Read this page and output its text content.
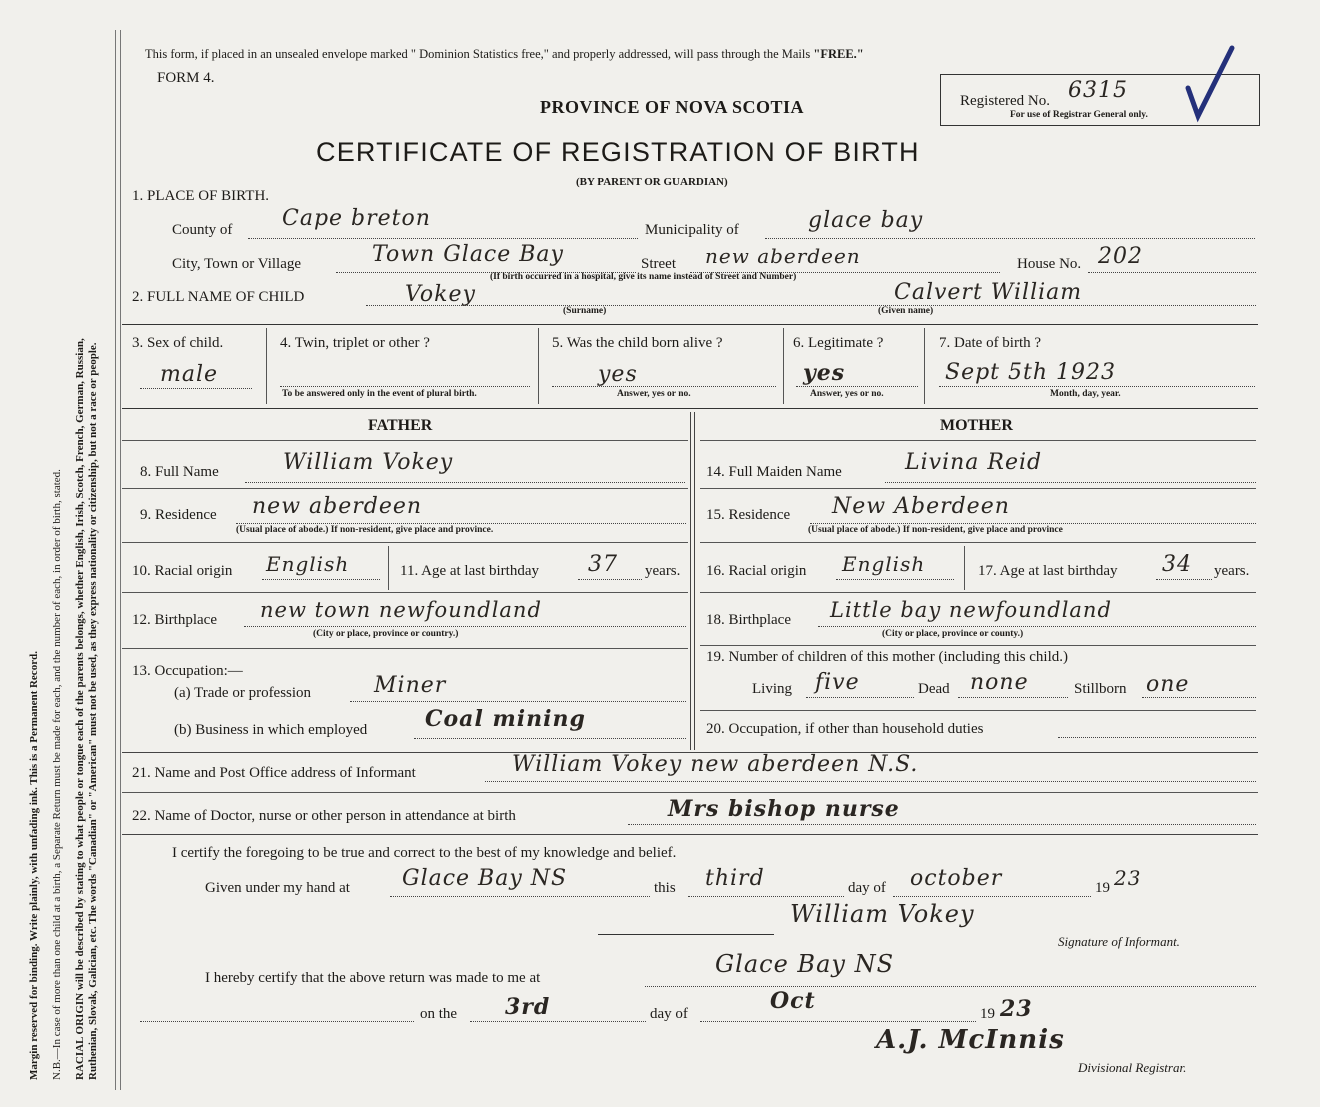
Margin reserved for binding. Write plainly, with unfading ink. This is a Permanent Record. N.B.—In case of more than one child at a birth, a Separate Return must be made for each, and the number of each, in order of birth, stated. RACIAL ORIGIN will be described by stating to what people or tongue each of the parents belongs, whether English, Irish, Scotch, French, German, Russian, Ruthenian, Slovak, Galician, etc. The words "Canadian" or "American" must not be used, as they express nationality or citizenship, but not a race or people.
This form, if placed in an unsealed envelope marked " Dominion Statistics free," and properly addressed, will pass through the Mails "FREE."
FORM 4.
PROVINCE OF NOVA SCOTIA
CERTIFICATE OF REGISTRATION OF BIRTH
(BY PARENT OR GUARDIAN)
Registered No. 6315
For use of Registrar General only.
1. PLACE OF BIRTH.
County of Cape breton	Municipality of	glace bay
City, Town or Village	Town Glace Bay	Street new aberdeen	House No. 202
(If birth occurred in a hospital, give its name instead of Street and Number)
2. FULL NAME OF CHILD	Vokey
(Surname)
Calvert William
(Given name)
3. Sex of child.
male
4. Twin, triplet or other ?
To be answered only in the event of plural birth.
5. Was the child born alive ?
yes
Answer, yes or no.
6. Legitimate ?
yes
Answer, yes or no.
7. Date of birth ?
Sept 5th 1923
Month, day, year.
FATHER	MOTHER
8. Full Name	William Vokey
9. Residence new aberdeen
(Usual place of abode.) If non-resident, give place and province.
10. Racial origin English	11. Age at last birthday 37 years.
12. Birthplace new town newfoundland
(City or place, province or country.)
13. Occupation:—
(a) Trade or profession	Miner
(b) Business in which employed	Coal mining
14. Full Maiden Name	Livina Reid
15. Residence New Aberdeen
(Usual place of abode.) If non-resident, give place and province
16. Racial origin English	17. Age at last birthday 34 years.
18. Birthplace Little bay newfoundland
(City or place, province or county.)
19. Number of children of this mother (including this child.)
Living five	Dead none	Stillborn one
20. Occupation, if other than household duties
21. Name and Post Office address of Informant	William Vokey new aberdeen N.S.
22. Name of Doctor, nurse or other person in attendance at birth	Mrs bishop nurse
I certify the foregoing to be true and correct to the best of my knowledge and belief.
Given under my hand at Glace Bay NS	this third	day of october	19 23
William Vokey
Signature of Informant.
I hereby certify that the above return was made to me at	Glace Bay NS
on the 3rd	day of	Oct	19 23
A.J. McInnis
Divisional Registrar.
